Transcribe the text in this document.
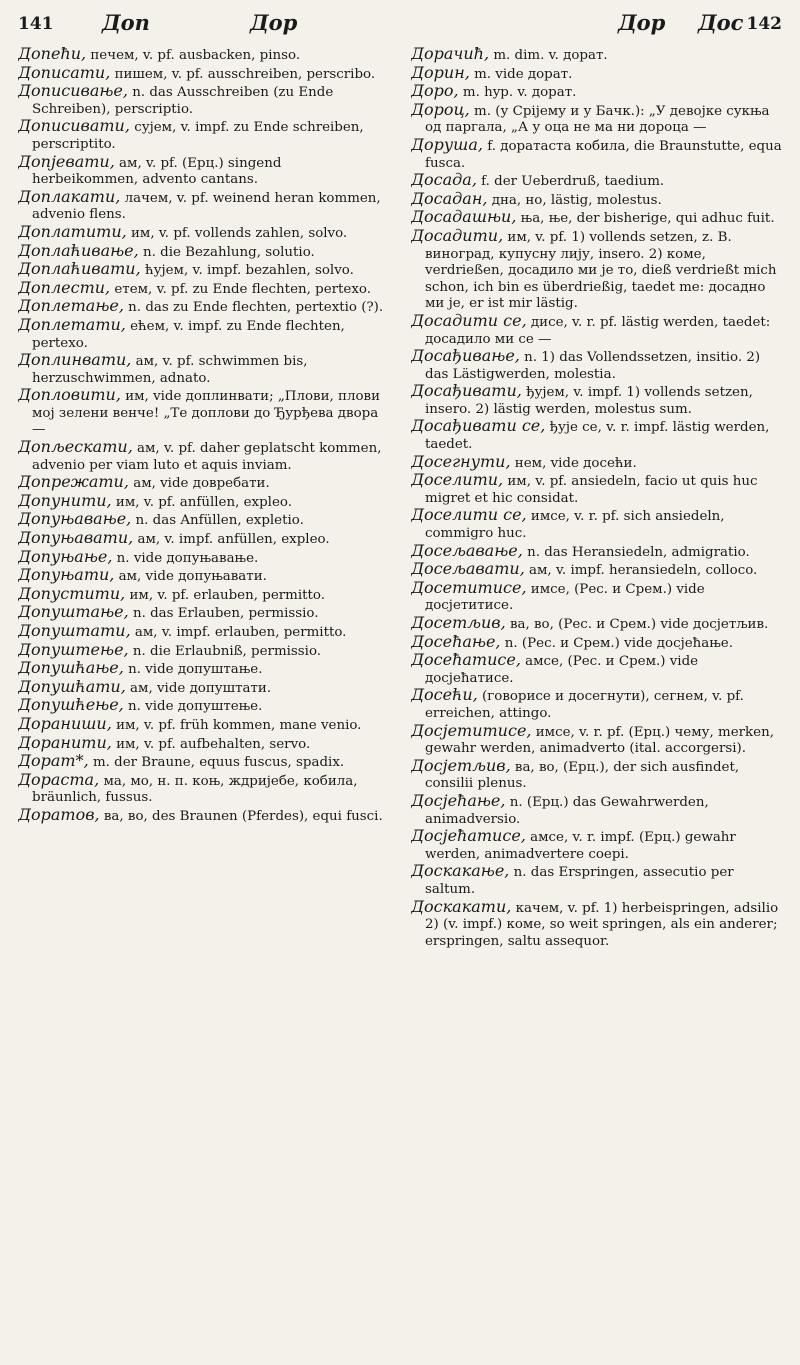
141 Доп	Дор	Дор Дос 142

Допеħи, печем, v. pf. ausbacken, pinso.

Дописати, пишем, v. pf. ausschreiben, perscribo.

Дописивање, n. das Ausschreiben (zu Ende Schreiben), perscriptio.

Дописивати, сујем, v. impf. zu Ende schreiben, perscriptito.

Допјевати, ам, v. pf. (Ерц.) singend herbeikommen, advento cantans.

Доплакати, лачем, v. pf. weinend heran kommen, advenio flens.

Доплатити, им, v. pf. vollends zahlen, solvo.

Доплаћивање, n. die Bezahlung, solutio.

Доплаћивати, ћујем, v. impf. bezahlen, solvo.

Доплести, етем, v. pf. zu Ende flechten, pertexo.

Доплетање, n. das zu Ende flechten, pertextio (?).

Доплетати, ећем, v. impf. zu Ende flechten, pertexo.

Доплинвати, ам, v. pf. schwimmen bis, herzuschwimmen, adnato.

Доплoвити, им, vide доплинвати; „Плови, плови мој зелени венче! „Те доплови до Ђурђева двора —

Допљескати, ам, v. pf. daher geplatscht kommen, advenio per viam luto et aquis inviam.

Допрежати, ам, vide довребати.

Допунити, им, v. pf. anfüllen, expleo.

Допуњавање, n. das Anfüllen, expletio.

Допуњавати, ам, v. impf. anfüllen, expleo.

Допуњање, n. vide допуњавање.

Допуњати, ам, vide допуњавати.

Допустити, им, v. pf. erlauben, permitto.

Допуштање, n. das Erlauben, permissio.

Допуштати, ам, v. impf. erlauben, permitto.

Допуштење, n. die Erlaubniß, permissio.

Допушћање, n. vide допуштање.

Допушћати, ам, vide допуштати.

Допушћење, n. vide допуштење.

Дораниши, им, v. pf. früh kommen, mane venio.

Дoранити, им, v. pf. aufbehalten, servo.

Дорат*, m. der Braune, equus fuscus, spadix.

Дораста, ма, мо, н. п. коњ, ждријебе, кобила, bräunlich, fussus.

Доратов, ва, во, des Braunen (Pferdes), equi fusci.

Дорачиħ, m. dim. v. дорат.

Дорин, m. vide дорат.

Доро, m. hyp. v. дорат.

Дороц, m. (у Срijему и у Бачк.): „У девојке сукња од паргала, „А у оца не ма ни дороца —

Доруша, f. доратаста кобила, die Braunstutte, equa fusca.

Досада, f. der Ueberdruß, taedium.

Досадан, дна, но, lästig, molestus.

Досадашњи, ња, ње, der bisherige, qui adhuc fuit.

Досадити, им, v. pf. 1) vollends setzen, z. B. виноград, купусну лију, insero. 2) коме, verdrießen, досадило ми је то, dieß verdrießt mich schon, ich bin es überdrießig, taedet me: досадно ми је, er ist mir lästig.

Досадити се, дисе, v. r. pf. lästig werden, taedet: досадило ми се —

Досађивање, n. 1) das Vollendssetzen, insitio. 2) das Lästigwerden, molestia.

Досађивати, ђујем, v. impf. 1) vollends setzen, insero. 2) lästig werden, molestus sum.

Досађивати се, ђује се, v. r. impf. lästig werden, taedet.

Досегнути, нем, vide досећи.

Доселити, им, v. pf. ansiedeln, facio ut quis huc migret et hic considat.

Доселити се, имсе, v. r. pf. sich ansiedeln, commigro huc.

Досељавање, n. das Heransiedeln, admigratio.

Досељавати, ам, v. impf. heransiedeln, colloco.

Досетитисе, имсе, (Рес. и Срем.) vide досјетитисе.

Досетљив, ва, во, (Рес. и Срем.) vide досјетљив.

Досеħање, n. (Рес. и Срем.) vide досјеħање.

Досеħатисе, амсе, (Рес. и Срем.) vide досјеħатисе.

Досећи, (говорисе и досегнути), сегнем, v. pf. erreichen, attingo.

Досјетитисе, имсе, v. r. pf. (Ерц.) чему, merken, gewahr werden, animadverto (ital. accorgersi).

Досјетљив, ва, во, (Ерц.), der sich ausfindet, consilii plenus.

Досјеħање, n. (Ерц.) das Gewahrwerden, animadversio.

Досјеħатисе, амсе, v. r. impf. (Ерц.) gewahr werden, animadvertere coepi.

Доскакање, n. das Erspringen, assecutio per saltum.

Доскакати, качем, v. pf. 1) herbeispringen, adsilio 2) (v. impf.) коме, so weit springen, als ein anderer; erspringen, saltu assequor.
